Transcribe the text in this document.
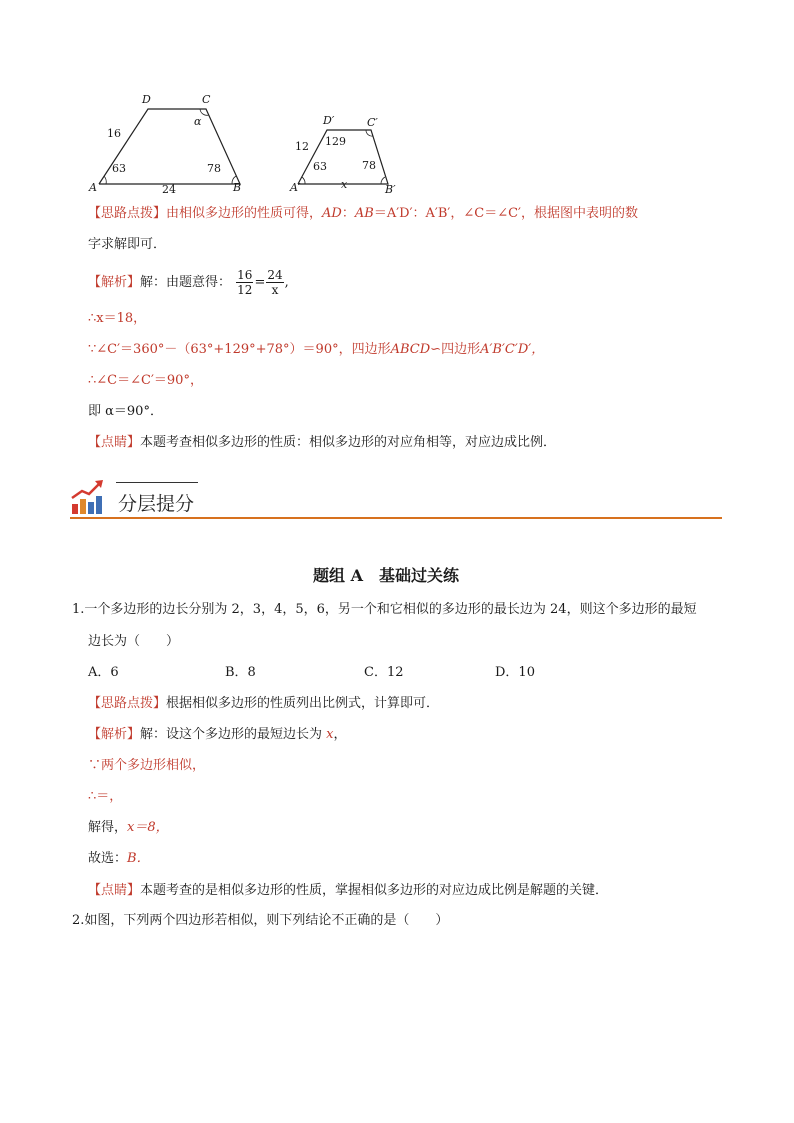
D	C
A	B
16
24
63	78
α	D′	C′
A′	B′
12
x
63	78
129
【思路点拨】由相似多边形的性质可得，AD：AB＝A′D′：A′B′，∠C＝∠C′，根据图中表明的数
字求解即可．
【解析】解：由题意得： $\frac{16}{12} = \frac{24}{x}$ ,
∴x＝18，
∵∠C′＝360°－（63°+129°+78°）＝90°，四边形ABCD∽四边形A′B′C′D′，
∴∠C＝∠C′＝90°，
即 α＝90°．
【点睛】本题考查相似多边形的性质：相似多边形的对应角相等，对应边成比例．
分层提分
题组 A　基础过关练
1.一个多边形的边长分别为 2，3，4，5，6，另一个和它相似的多边形的最长边为 24，则这个多边形的最短
边长为（　　）
A．6	B．8	C．12	D．10
【思路点拨】根据相似多边形的性质列出比例式，计算即可．
【解析】解：设这个多边形的最短边长为 x，
∵两个多边形相似，
∴＝，
解得，x＝8，
故选：B．
【点睛】本题考查的是相似多边形的性质，掌握相似多边形的对应边成比例是解题的关键．
2.如图，下列两个四边形若相似，则下列结论不正确的是（　　）
